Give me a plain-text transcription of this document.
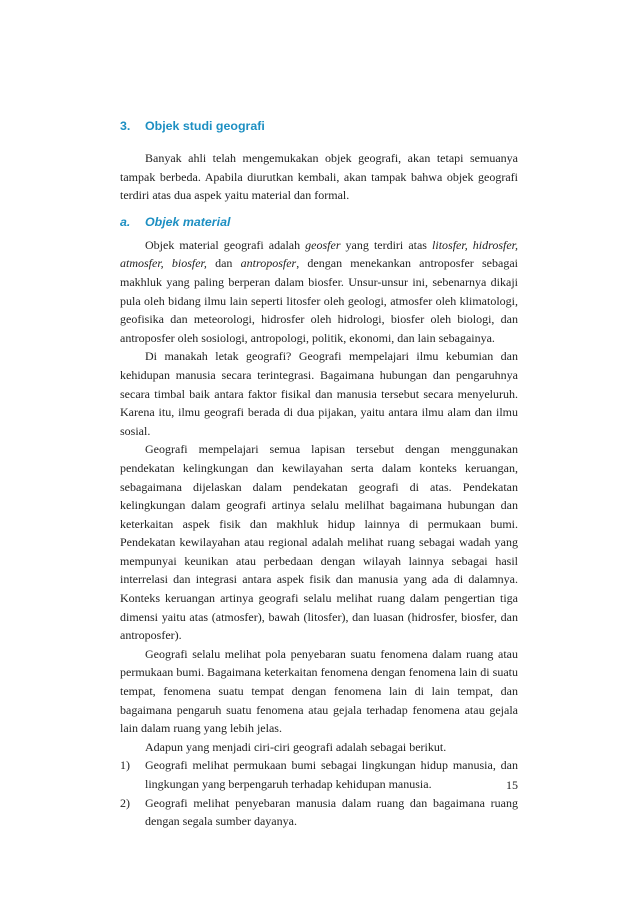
3.	Objek studi geografi

Banyak ahli telah mengemukakan objek geografi, akan tetapi semuanya tampak berbeda. Apabila diurutkan kembali, akan tampak bahwa objek geografi terdiri atas dua aspek yaitu material dan formal.

a.	Objek material

Objek material geografi adalah geosfer yang terdiri atas litosfer, hidrosfer, atmosfer, biosfer, dan antroposfer, dengan menekankan antroposfer sebagai makhluk yang paling berperan dalam biosfer. Unsur-unsur ini, sebenarnya dikaji pula oleh bidang ilmu lain seperti litosfer oleh geologi, atmosfer oleh klimatologi, geofisika dan meteorologi, hidrosfer oleh hidrologi, biosfer oleh biologi, dan antroposfer oleh sosiologi, antropologi, politik, ekonomi, dan lain sebagainya.

Di manakah letak geografi? Geografi mempelajari ilmu kebumian dan kehidupan manusia secara terintegrasi. Bagaimana hubungan dan pengaruhnya secara timbal baik antara faktor fisikal dan manusia tersebut secara menyeluruh. Karena itu, ilmu geografi berada di dua pijakan, yaitu antara ilmu alam dan ilmu sosial.

Geografi mempelajari semua lapisan tersebut dengan menggunakan pendekatan kelingkungan dan kewilayahan serta dalam konteks keruangan, sebagaimana dijelaskan dalam pendekatan geografi di atas. Pendekatan kelingkungan dalam geografi artinya selalu melilhat bagaimana hubungan dan keterkaitan aspek fisik dan makhluk hidup lainnya di permukaan bumi. Pendekatan kewilayahan atau regional adalah melihat ruang sebagai wadah yang mempunyai keunikan atau perbedaan dengan wilayah lainnya sebagai hasil interrelasi dan integrasi antara aspek fisik dan manusia yang ada di dalamnya. Konteks keruangan artinya geografi selalu melihat ruang dalam pengertian tiga dimensi yaitu atas (atmosfer), bawah (litosfer), dan luasan (hidrosfer, biosfer, dan antroposfer).

Geografi selalu melihat pola penyebaran suatu fenomena dalam ruang atau permukaan bumi. Bagaimana keterkaitan fenomena dengan fenomena lain di suatu tempat, fenomena suatu tempat dengan fenomena lain di lain tempat, dan bagaimana pengaruh suatu fenomena atau gejala terhadap fenomena atau gejala lain dalam ruang yang lebih jelas.

Adapun yang menjadi ciri-ciri geografi adalah sebagai berikut.

1) Geografi melihat permukaan bumi sebagai lingkungan hidup manusia, dan lingkungan yang berpengaruh terhadap kehidupan manusia.
2) Geografi melihat penyebaran manusia dalam ruang dan bagaimana ruang dengan segala sumber dayanya.
15
